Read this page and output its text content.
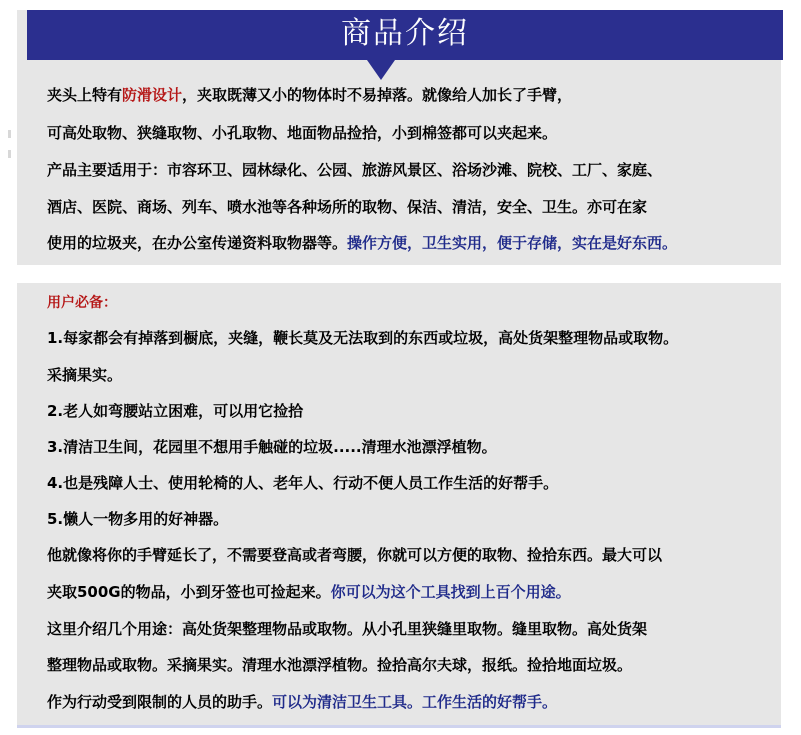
商品介绍
夹头上特有防滑设计，夹取既薄又小的物体时不易掉落。就像给人加长了手臂，
可高处取物、狭缝取物、小孔取物、地面物品捡拾，小到棉签都可以夹起来。
产品主要适用于：市容环卫、园林绿化、公园、旅游风景区、浴场沙滩、院校、工厂、家庭、
酒店、医院、商场、列车、喷水池等各种场所的取物、保洁、清洁，安全、卫生。亦可在家
使用的垃圾夹，在办公室传递资料取物器等。操作方便，卫生实用，便于存储，实在是好东西。
用户必备：
1.每家都会有掉落到橱底，夹缝，鞭长莫及无法取到的东西或垃圾，高处货架整理物品或取物。
采摘果实。
2.老人如弯腰站立困难，可以用它捡拾
3.清洁卫生间，花园里不想用手触碰的垃圾.....清理水池漂浮植物。
4.也是残障人士、使用轮椅的人、老年人、行动不便人员工作生活的好帮手。
5.懒人一物多用的好神器。
他就像将你的手臂延长了，不需要登高或者弯腰，你就可以方便的取物、捡拾东西。最大可以
夹取500G的物品，小到牙签也可捡起来。你可以为这个工具找到上百个用途。
这里介绍几个用途：高处货架整理物品或取物。从小孔里狭缝里取物。缝里取物。高处货架
整理物品或取物。采摘果实。清理水池漂浮植物。捡拾高尔夫球，报纸。捡拾地面垃圾。
作为行动受到限制的人员的助手。可以为清洁卫生工具。工作生活的好帮手。
